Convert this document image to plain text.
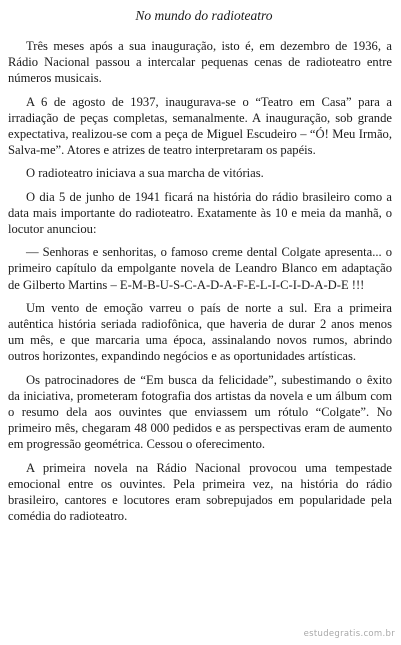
No mundo do radioteatro

Três meses após a sua inauguração, isto é, em dezembro de 1936, a Rádio Nacional passou a intercalar pequenas cenas de radioteatro entre números musicais.

A 6 de agosto de 1937, inaugurava-se o “Teatro em Casa” para a irradiação de peças completas, semanalmente. A inauguração, sob grande expectativa, realizou-se com a peça de Miguel Escudeiro – “Ó! Meu Irmão, Salva-me”. Atores e atrizes de teatro interpretaram os papéis.

O radioteatro iniciava a sua marcha de vitórias.

O dia 5 de junho de 1941 ficará na história do rádio brasileiro como a data mais importante do radioteatro. Exatamente às 10 e meia da manhã, o locutor anunciou:

— Senhoras e senhoritas, o famoso creme dental Colgate apresenta... o primeiro capítulo da empolgante novela de Leandro Blanco em adaptação de Gilberto Martins – E-M-B-U-S-C-A-D-A-F-E-L-I-C-I-D-A-D-E !!!

Um vento de emoção varreu o país de norte a sul. Era a primeira autêntica história seriada radiofônica, que haveria de durar 2 anos menos um mês, e que marcaria uma época, assinalando novos rumos, abrindo outros horizontes, expandindo negócios e as oportunidades artísticas.

Os patrocinadores de “Em busca da felicidade”, subestimando o êxito da iniciativa, prometeram fotografia dos artistas da novela e um álbum com o resumo dela aos ouvintes que enviassem um rótulo “Colgate”. No primeiro mês, chegaram 48 000 pedidos e as perspectivas eram de aumento em progressão geométrica. Cessou o oferecimento.

A primeira novela na Rádio Nacional provocou uma tempestade emocional entre os ouvintes. Pela primeira vez, na história do rádio brasileiro, cantores e locutores eram sobrepujados em popularidade pela comédia do radioteatro.

estudegratis.com.br
